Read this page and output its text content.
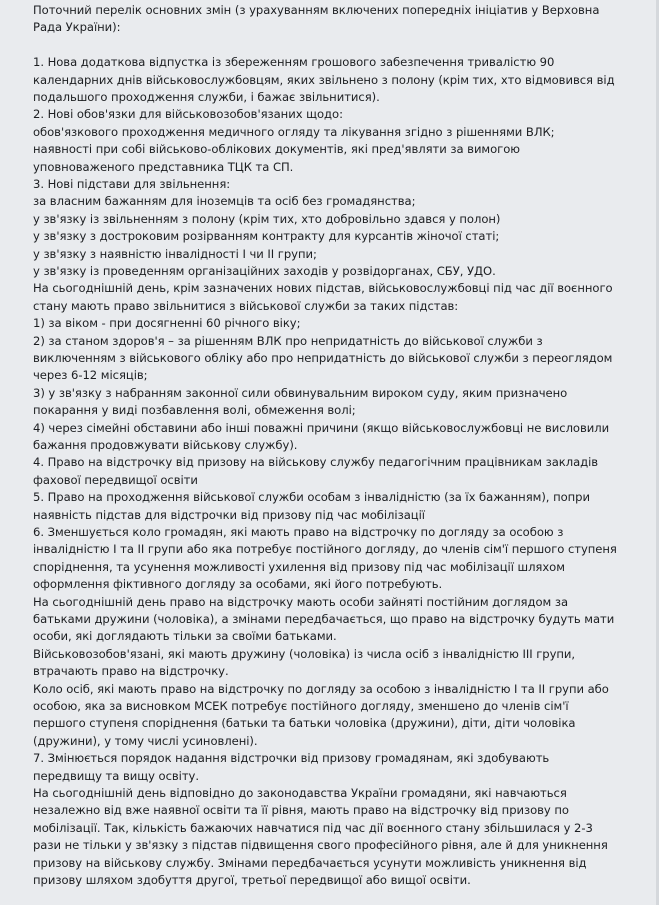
Поточний перелік основних змін (з урахуванням включених попередніх ініціатив у Верховна
Рада України):
1. Нова додаткова відпустка із збереженням грошового забезпечення тривалістю 90
календарних днів військовослужбовцям, яких звільнено з полону (крім тих, хто відмовився від
подальшого проходження служби, і бажає звільнитися).
2. Нові обов'язки для військовозобов'язаних щодо:
обов'язкового проходження медичного огляду та лікування згідно з рішеннями ВЛК;
наявності при собі військово-облікових документів, які пред'являти за вимогою
уповноваженого представника ТЦК та СП.
3. Нові підстави для звільнення:
за власним бажанням для іноземців та осіб без громадянства;
у зв'язку із звільненням з полону (крім тих, хто добровільно здався у полон)
у зв'язку з достроковим розірванням контракту для курсантів жіночої статі;
у зв'язку з наявністю інвалідності I чи II групи;
у зв'язку із проведенням організаційних заходів у розвідорганах, СБУ, УДО.
На сьогоднішній день, крім зазначених нових підстав, військовослужбовці під час дії воєнного
стану мають право звільнитися з військової служби за таких підстав:
1) за віком - при досягненні 60 річного віку;
2) за станом здоров'я – за рішенням ВЛК про непридатність до військової служби з
виключенням з військового обліку або про непридатність до військової служби з переоглядом
через 6-12 місяців;
3) у зв'язку з набранням законної сили обвинувальним вироком суду, яким призначено
покарання у виді позбавлення волі, обмеження волі;
4) через сімейні обставини або інші поважні причини (якщо військовослужбовці не висловили
бажання продовжувати військову службу).
4. Право на відстрочку від призову на військову службу педагогічним працівникам закладів
фахової передвищої освіти
5. Право на проходження військової служби особам з інвалідністю (за їх бажанням), попри
наявність підстав для відстрочки від призову під час мобілізації
6. Зменшується коло громадян, які мають право на відстрочку по догляду за особою з
інвалідністю I та II групи або яка потребує постійного догляду, до членів сім'ї першого ступеня
споріднення, та усунення можливості ухилення від призову під час мобілізації шляхом
оформлення фіктивного догляду за особами, які його потребують.
На сьогоднішній день право на відстрочку мають особи зайняті постійним доглядом за
батьками дружини (чоловіка), а змінами передбачається, що право на відстрочку будуть мати
особи, які доглядають тільки за своїми батьками.
Військовозобов'язані, які мають дружину (чоловіка) із числа осіб з інвалідністю III групи,
втрачають право на відстрочку.
Коло осіб, які мають право на відстрочку по догляду за особою з інвалідністю I та II групи або
особою, яка за висновком МСЕК потребує постійного догляду, зменшено до членів сім'ї
першого ступеня споріднення (батьки та батьки чоловіка (дружини), діти, діти чоловіка
(дружини), у тому числі усиновлені).
7. Змінюється порядок надання відстрочки від призову громадянам, які здобувають
передвищу та вищу освіту.
На сьогоднішній день відповідно до законодавства України громадяни, які навчаються
незалежно від вже наявної освіти та її рівня, мають право на відстрочку від призову по
мобілізації. Так, кількість бажаючих навчатися під час дії воєнного стану збільшилася у 2-3
рази не тільки у зв'язку з підстав підвищення свого професійного рівня, але й для уникнення
призову на військову службу. Змінами передбачається усунути можливість уникнення від
призову шляхом здобуття другої, третьої передвищої або вищої освіти.
